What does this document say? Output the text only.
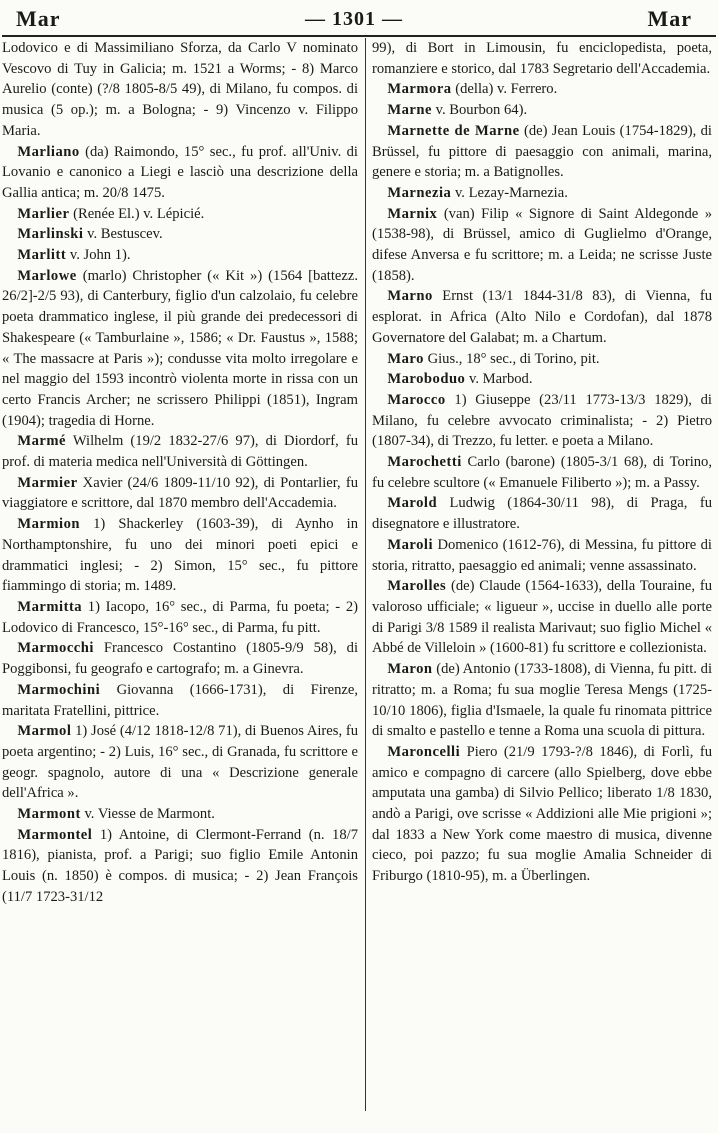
Mar	— 1301 —	Mar

Lodovico e di Massimiliano Sforza, da Carlo V nominato Vescovo di Tuy in Galicia; m. 1521 a Worms; - 8) Marco Aurelio (conte) (?/8 1805-8/5 49), di Milano, fu compos. di musica (5 op.); m. a Bologna; - 9) Vincenzo v. Filippo Maria.

Marliano (da) Raimondo, 15° sec., fu prof. all'Univ. di Lovanio e canonico a Liegi e lasciò una descrizione della Gallia antica; m. 20/8 1475.

Marlier (Renée El.) v. Lépicié.

Marlinski v. Bestuscev.

Marlitt v. John 1).

Marlowe (marlo) Christopher (« Kit ») (1564 [battezz. 26/2]-2/5 93), di Canterbury, figlio d'un calzolaio, fu celebre poeta drammatico inglese, il più grande dei predecessori di Shakespeare (« Tamburlaine », 1586; « Dr. Faustus », 1588; « The massacre at Paris »); condusse vita molto irregolare e nel maggio del 1593 incontrò violenta morte in rissa con un certo Francis Archer; ne scrissero Philippi (1851), Ingram (1904); tragedia di Horne.

Marmé Wilhelm (19/2 1832-27/6 97), di Diordorf, fu prof. di materia medica nell'Università di Göttingen.

Marmier Xavier (24/6 1809-11/10 92), di Pontarlier, fu viaggiatore e scrittore, dal 1870 membro dell'Accademia.

Marmion 1) Shackerley (1603-39), di Aynho in Northamptonshire, fu uno dei minori poeti epici e drammatici inglesi; - 2) Simon, 15° sec., fu pittore fiammingo di storia; m. 1489.

Marmitta 1) Iacopo, 16° sec., di Parma, fu poeta; - 2) Lodovico di Francesco, 15°-16° sec., di Parma, fu pitt.

Marmocchi Francesco Costantino (1805-9/9 58), di Poggibonsi, fu geografo e cartografo; m. a Ginevra.

Marmochini Giovanna (1666-1731), di Firenze, maritata Fratellini, pittrice.

Marmol 1) José (4/12 1818-12/8 71), di Buenos Aires, fu poeta argentino; - 2) Luis, 16° sec., di Granada, fu scrittore e geogr. spagnolo, autore di una « Descrizione generale dell'Africa ».

Marmont v. Viesse de Marmont.

Marmontel 1) Antoine, di Clermont-Ferrand (n. 18/7 1816), pianista, prof. a Parigi; suo figlio Emile Antonin Louis (n. 1850) è compos. di musica; - 2) Jean François (11/7 1723-31/12

99), di Bort in Limousin, fu enciclopedista, poeta, romanziere e storico, dal 1783 Segretario dell'Accademia.

Marmora (della) v. Ferrero.

Marne v. Bourbon 64).

Marnette de Marne (de) Jean Louis (1754-1829), di Brüssel, fu pittore di paesaggio con animali, marina, genere e storia; m. a Batignolles.

Marnezia v. Lezay-Marnezia.

Marnix (van) Filip « Signore di Saint Aldegonde » (1538-98), di Brüssel, amico di Guglielmo d'Orange, difese Anversa e fu scrittore; m. a Leida; ne scrisse Juste (1858).

Marno Ernst (13/1 1844-31/8 83), di Vienna, fu esplorat. in Africa (Alto Nilo e Cordofan), dal 1878 Governatore del Galabat; m. a Chartum.

Maro Gius., 18° sec., di Torino, pit.

Maroboduo v. Marbod.

Marocco 1) Giuseppe (23/11 1773-13/3 1829), di Milano, fu celebre avvocato criminalista; - 2) Pietro (1807-34), di Trezzo, fu letter. e poeta a Milano.

Marochetti Carlo (barone) (1805-3/1 68), di Torino, fu celebre scultore (« Emanuele Filiberto »); m. a Passy.

Marold Ludwig (1864-30/11 98), di Praga, fu disegnatore e illustratore.

Maroli Domenico (1612-76), di Messina, fu pittore di storia, ritratto, paesaggio ed animali; venne assassinato.

Marolles (de) Claude (1564-1633), della Touraine, fu valoroso ufficiale; « ligueur », uccise in duello alle porte di Parigi 3/8 1589 il realista Marivaut; suo figlio Michel « Abbé de Villeloin » (1600-81) fu scrittore e collezionista.

Maron (de) Antonio (1733-1808), di Vienna, fu pitt. di ritratto; m. a Roma; fu sua moglie Teresa Mengs (1725-10/10 1806), figlia d'Ismaele, la quale fu rinomata pittrice di smalto e pastello e tenne a Roma una scuola di pittura.

Maroncelli Piero (21/9 1793-?/8 1846), di Forlì, fu amico e compagno di carcere (allo Spielberg, dove ebbe amputata una gamba) di Silvio Pellico; liberato 1/8 1830, andò a Parigi, ove scrisse « Addizioni alle Mie prigioni »; dal 1833 a New York come maestro di musica, divenne cieco, poi pazzo; fu sua moglie Amalia Schneider di Friburgo (1810-95), m. a Überlingen.
